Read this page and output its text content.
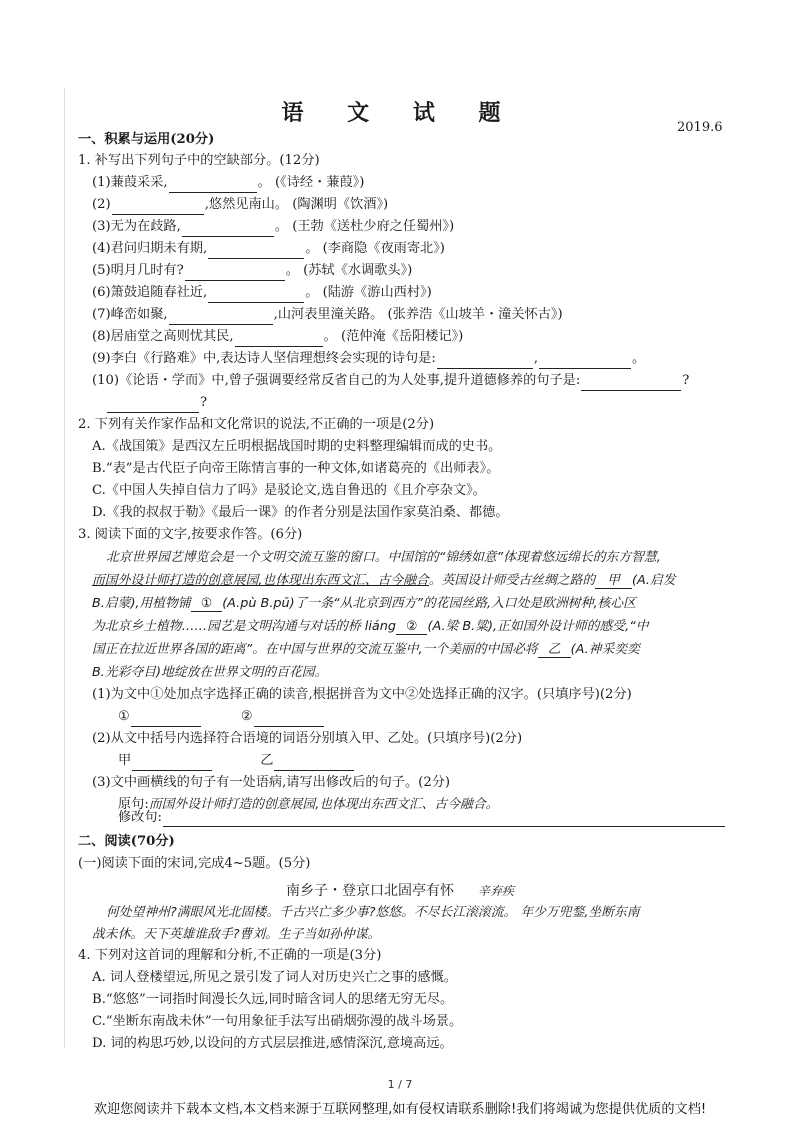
语 文 试 题
2019.6
一、积累与运用(20分)
1. 补写出下列句子中的空缺部分。(12分)
(1)蒹葭采采,	。 (《诗经・蒹葭》)
(2)	,悠然见南山。 (陶渊明《饮酒》)
(3)无为在歧路,	。 (王勃《送杜少府之任蜀州》)
(4)君问归期未有期,	。 (李商隐《夜雨寄北》)
(5)明月几时有?	。 (苏轼《水调歌头》)
(6)箫鼓追随春社近,	。 (陆游《游山西村》)
(7)峰峦如聚,	,山河表里潼关路。 (张养浩《山坡羊・潼关怀古》)
(8)居庙堂之高则忧其民,	。 (范仲淹《岳阳楼记》)
(9)李白《行路难》中,表达诗人坚信理想终会实现的诗句是:	,	。
(10)《论语・学而》中,曾子强调要经常反省自己的为人处事,提升道德修养的句子是:	?
?
2. 下列有关作家作品和文化常识的说法,不正确的一项是(2分)
A.《战国策》是西汉左丘明根据战国时期的史料整理编辑而成的史书。
B.“表”是古代臣子向帝王陈情言事的一种文体,如诸葛亮的《出师表》。
C.《中国人失掉自信力了吗》是驳论文,选自鲁迅的《且介亭杂文》。
D.《我的叔叔于勒》《最后一课》的作者分别是法国作家莫泊桑、都德。
3. 阅读下面的文字,按要求作答。(6分)
北京世界园艺博览会是一个文明交流互鉴的窗口。中国馆的“锦绣如意”体现着悠远绵长的东方智慧,
而国外设计师打造的创意展园,也体现出东西文汇、古今融合。英国设计师受古丝绸之路的 甲 (A.启发
B.启蒙),用植物铺 ① (A.pù B.pū)了一条“从北京到西方”的花园丝路,入口处是欧洲树种,核心区
为北京乡土植物……园艺是文明沟通与对话的桥 liáng ② (A.梁 B.粱),正如国外设计师的感受,“中
国正在拉近世界各国的距离”。在中国与世界的交流互鉴中,一个美丽的中国必将 乙 (A.神采奕奕
B.光彩夺目)地绽放在世界文明的百花园。
(1)为文中①处加点字选择正确的读音,根据拼音为文中②处选择正确的汉字。(只填序号)(2分)
①	②
(2)从文中括号内选择符合语境的词语分别填入甲、乙处。(只填序号)(2分)
甲	乙
(3)文中画横线的句子有一处语病,请写出修改后的句子。(2分)
原句:而国外设计师打造的创意展园,也体现出东西文汇、古今融合。
修改句:
二、阅读(70分)
(一)阅读下面的宋词,完成4~5题。(5分)
南乡子・登京口北固亭有怀 辛弃疾
何处望神州?满眼风光北固楼。千古兴亡多少事?悠悠。不尽长江滚滚流。 年少万兜鍪,坐断东南
战未休。天下英雄谁敌手?曹刘。生子当如孙仲谋。
4. 下列对这首词的理解和分析,不正确的一项是(3分)
A. 词人登楼望远,所见之景引发了词人对历史兴亡之事的感慨。
B.“悠悠”一词指时间漫长久远,同时暗含词人的思绪无穷无尽。
C.“坐断东南战未休”一句用象征手法写出硝烟弥漫的战斗场景。
D. 词的构思巧妙,以设问的方式层层推进,感情深沉,意境高远。
1 / 7
欢迎您阅读并下载本文档,本文档来源于互联网整理,如有侵权请联系删除!我们将竭诚为您提供优质的文档!
